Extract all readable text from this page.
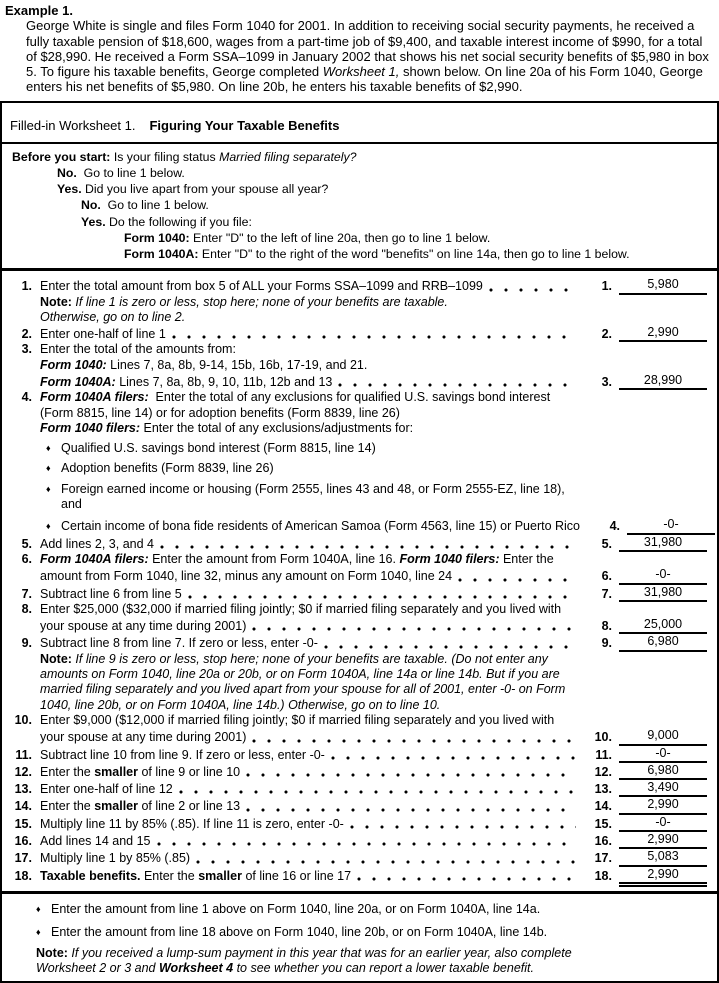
Example 1.

George White is single and files Form 1040 for 2001. In addition to receiving social security payments, he received a fully taxable pension of $18,600, wages from a part-time job of $9,400, and taxable interest income of $990, for a total of $28,990. He received a Form SSA–1099 in January 2002 that shows his net social security benefits of $5,980 in box 5. To figure his taxable benefits, George completed Worksheet 1, shown below. On line 20a of his Form 1040, George enters his net benefits of $5,980. On line 20b, he enters his taxable benefits of $2,990.

Filled-in Worksheet 1. Figuring Your Taxable Benefits
Before you start: Is your filing status Married filing separately?
No.  Go to line 1 below.
Yes. Did you live apart from your spouse all year?
No.  Go to line 1 below.
Yes. Do the following if you file:
Form 1040: Enter "D" to the left of line 20a, then go to line 1 below.
Form 1040A: Enter "D" to the right of the word "benefits" on line 14a, then go to line 1 below.
1. Enter the total amount from box 5 of ALL your Forms SSA–1099 and RRB–1099	1.	5,980
Note: If line 1 is zero or less, stop here; none of your benefits are taxable.
Otherwise, go on to line 2.
2. Enter one-half of line 1	2.	2,990
3. Enter the total of the amounts from:
Form 1040: Lines 7, 8a, 8b, 9-14, 15b, 16b, 17-19, and 21.
Form 1040A: Lines 7, 8a, 8b, 9, 10, 11b, 12b and 13	3.	28,990
4. Form 1040A filers:  Enter the total of any exclusions for qualified U.S. savings bond interest
(Form 8815, line 14) or for adoption benefits (Form 8839, line 26)
Form 1040 filers: Enter the total of any exclusions/adjustments for:
♦ Qualified U.S. savings bond interest (Form 8815, line 14)
♦ Adoption benefits (Form 8839, line 26)
♦ Foreign earned income or housing (Form 2555, lines 43 and 48, or Form 2555-EZ, line 18),
and
♦ Certain income of bona fide residents of American Samoa (Form 4563, line 15) or Puerto Rico	4.	-0-
5. Add lines 2, 3, and 4	5.	31,980
6. Form 1040A filers: Enter the amount from Form 1040A, line 16. Form 1040 filers: Enter the
amount from Form 1040, line 32, minus any amount on Form 1040, line 24	6.	-0-
7. Subtract line 6 from line 5	7.	31,980
8. Enter $25,000 ($32,000 if married filing jointly; $0 if married filing separately and you lived with
your spouse at any time during 2001)	8.	25,000
9. Subtract line 8 from line 7. If zero or less, enter -0-	9.	6,980
Note: If line 9 is zero or less, stop here; none of your benefits are taxable. (Do not enter any
amounts on Form 1040, line 20a or 20b, or on Form 1040A, line 14a or line 14b. But if you are
married filing separately and you lived apart from your spouse for all of 2001, enter -0- on Form
1040, line 20b, or on Form 1040A, line 14b.) Otherwise, go on to line 10.
10. Enter $9,000 ($12,000 if married filing jointly; $0 if married filing separately and you lived with
your spouse at any time during 2001)	10.	9,000
11. Subtract line 10 from line 9. If zero or less, enter -0-	11.	-0-
12. Enter the smaller of line 9 or line 10	12.	6,980
13. Enter one-half of line 12	13.	3,490
14. Enter the smaller of line 2 or line 13	14.	2,990
15. Multiply line 11 by 85% (.85). If line 11 is zero, enter -0-	15.	-0-
16. Add lines 14 and 15	16.	2,990
17. Multiply line 1 by 85% (.85)	17.	5,083
18. Taxable benefits. Enter the smaller of line 16 or line 17	18.	2,990
♦ Enter the amount from line 1 above on Form 1040, line 20a, or on Form 1040A, line 14a.
♦ Enter the amount from line 18 above on Form 1040, line 20b, or on Form 1040A, line 14b.
Note: If you received a lump-sum payment in this year that was for an earlier year, also complete
Worksheet 2 or 3 and Worksheet 4 to see whether you can report a lower taxable benefit.
